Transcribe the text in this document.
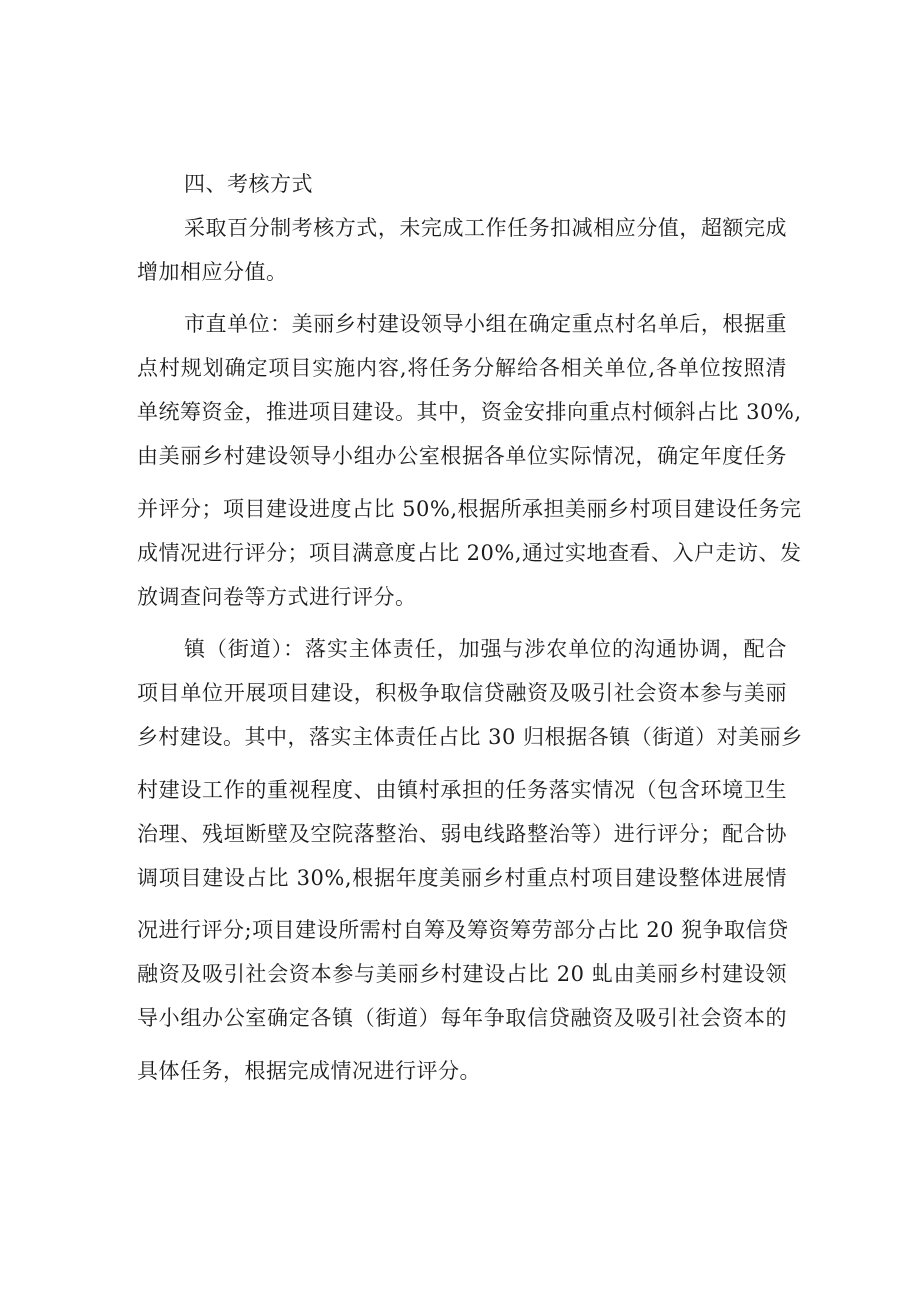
四、考核方式
采取百分制考核方式，未完成工作任务扣减相应分值，超额完成
增加相应分值。
市直单位：美丽乡村建设领导小组在确定重点村名单后，根据重
点村规划确定项目实施内容,将任务分解给各相关单位,各单位按照清
单统筹资金，推进项目建设。其中，资金安排向重点村倾斜占比 30%,
由美丽乡村建设领导小组办公室根据各单位实际情况，确定年度任务
并评分；项目建设进度占比 50%,根据所承担美丽乡村项目建设任务完
成情况进行评分；项目满意度占比 20%,通过实地查看、入户走访、发
放调查问卷等方式进行评分。
镇（街道）：落实主体责任，加强与涉农单位的沟通协调，配合
项目单位开展项目建设，积极争取信贷融资及吸引社会资本参与美丽
乡村建设。其中，落实主体责任占比 30 归根据各镇（街道）对美丽乡
村建设工作的重视程度、由镇村承担的任务落实情况（包含环境卫生
治理、残垣断壁及空院落整治、弱电线路整治等）进行评分；配合协
调项目建设占比 30%,根据年度美丽乡村重点村项目建设整体进展情
况进行评分;项目建设所需村自筹及筹资筹劳部分占比 20 猊争取信贷
融资及吸引社会资本参与美丽乡村建设占比 20 虬由美丽乡村建设领
导小组办公室确定各镇（街道）每年争取信贷融资及吸引社会资本的
具体任务，根据完成情况进行评分。
